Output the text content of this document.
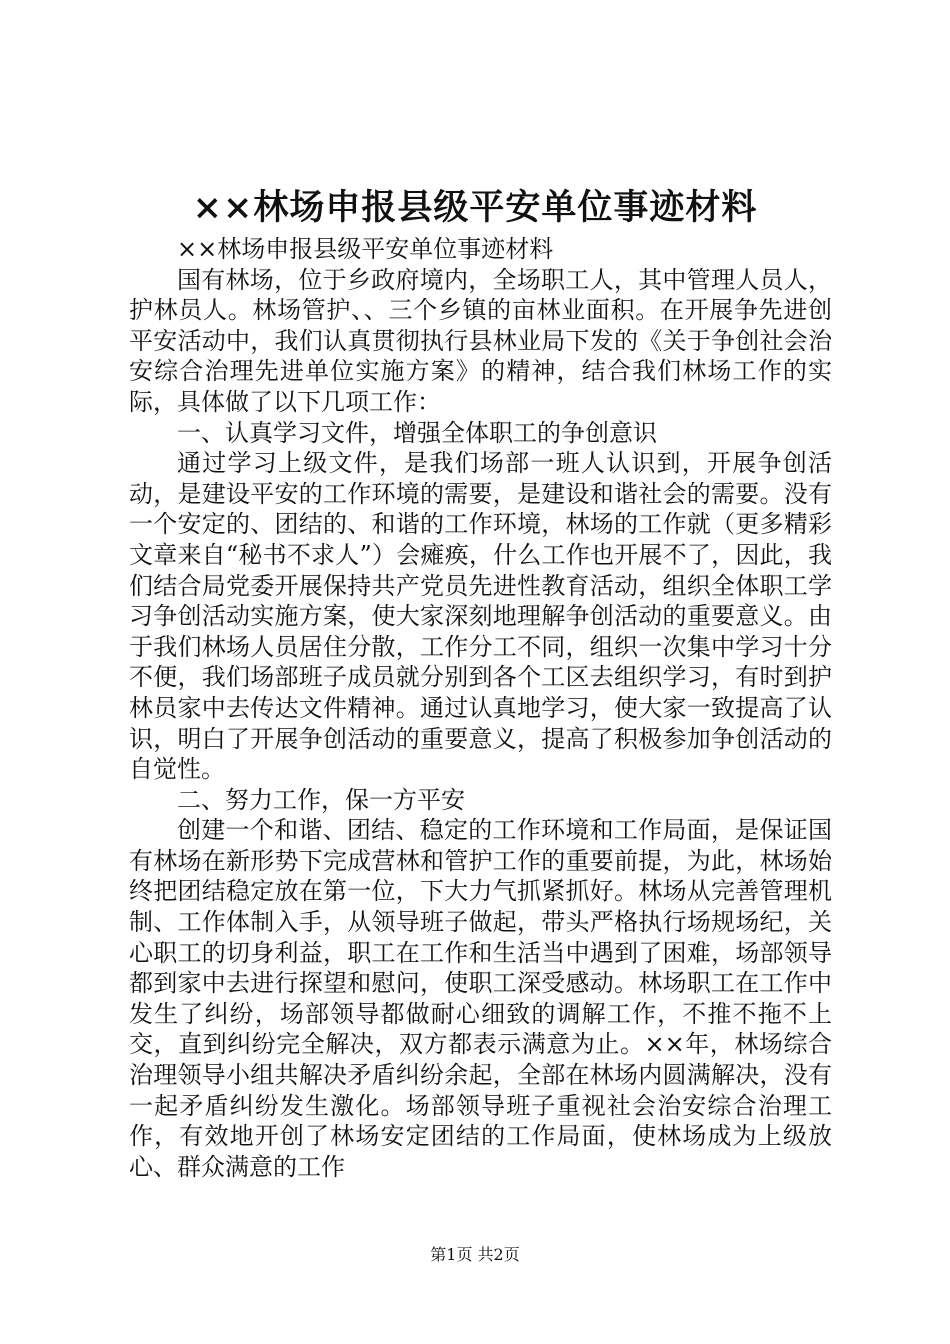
××林场申报县级平安单位事迹材料

××林场申报县级平安单位事迹材料

国有林场，位于乡政府境内，全场职工人，其中管理人员人，护林员人。林场管护、、三个乡镇的亩林业面积。在开展争先进创平安活动中，我们认真贯彻执行县林业局下发的《关于争创社会治安综合治理先进单位实施方案》的精神，结合我们林场工作的实际，具体做了以下几项工作：

一、认真学习文件，增强全体职工的争创意识

通过学习上级文件，是我们场部一班人认识到，开展争创活动，是建设平安的工作环境的需要，是建设和谐社会的需要。没有一个安定的、团结的、和谐的工作环境，林场的工作就（更多精彩文章来自“秘书不求人”）会瘫痪，什么工作也开展不了，因此，我们结合局党委开展保持共产党员先进性教育活动，组织全体职工学习争创活动实施方案，使大家深刻地理解争创活动的重要意义。由于我们林场人员居住分散，工作分工不同，组织一次集中学习十分不便，我们场部班子成员就分别到各个工区去组织学习，有时到护林员家中去传达文件精神。通过认真地学习，使大家一致提高了认识，明白了开展争创活动的重要意义，提高了积极参加争创活动的自觉性。

二、努力工作，保一方平安

创建一个和谐、团结、稳定的工作环境和工作局面，是保证国有林场在新形势下完成营林和管护工作的重要前提，为此，林场始终把团结稳定放在第一位，下大力气抓紧抓好。林场从完善管理机制、工作体制入手，从领导班子做起，带头严格执行场规场纪，关心职工的切身利益，职工在工作和生活当中遇到了困难，场部领导都到家中去进行探望和慰问，使职工深受感动。林场职工在工作中发生了纠纷，场部领导都做耐心细致的调解工作，不推不拖不上交，直到纠纷完全解决，双方都表示满意为止。××年，林场综合治理领导小组共解决矛盾纠纷余起，全部在林场内圆满解决，没有一起矛盾纠纷发生激化。场部领导班子重视社会治安综合治理工作，有效地开创了林场安定团结的工作局面，使林场成为上级放心、群众满意的工作

第1页 共2页
